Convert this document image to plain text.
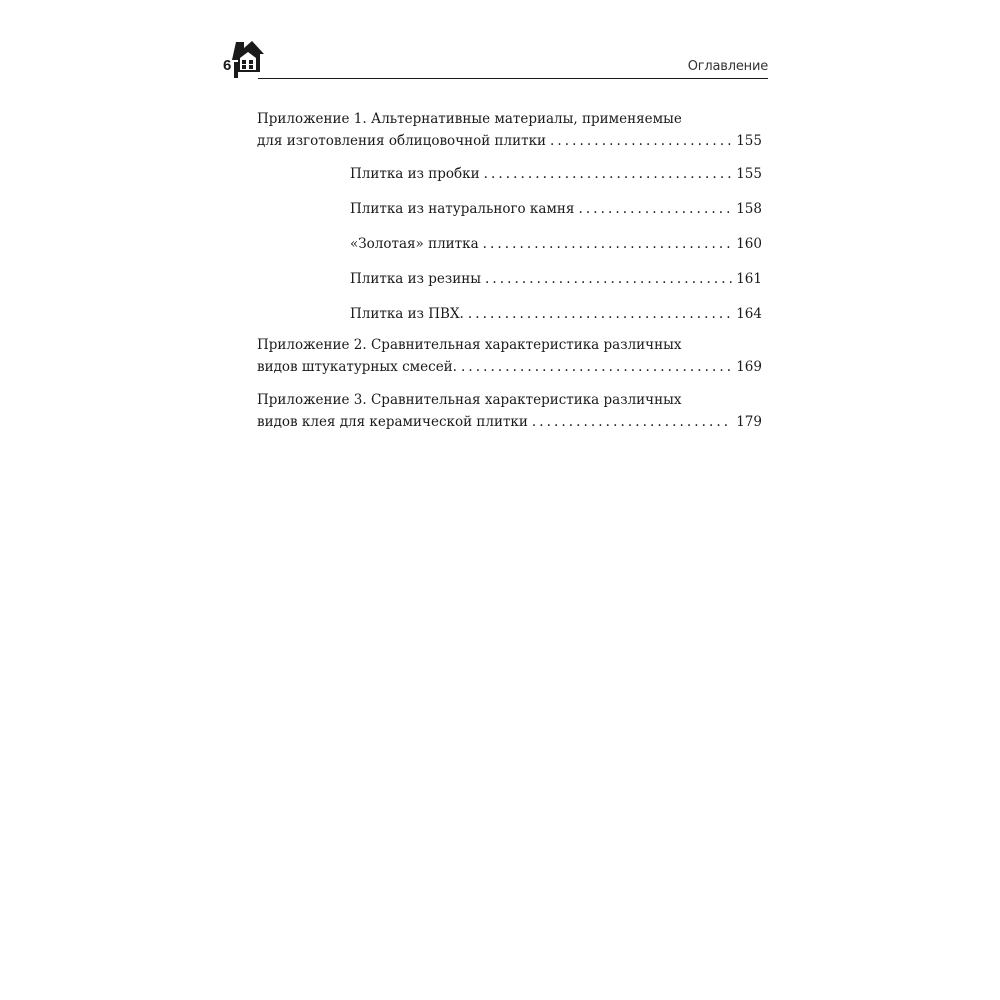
6	Оглавление
Приложение 1. Альтернативные материалы, применяемые
для изготовления облицовочной плитки . . .	155
Плитка из пробки . . .	155
Плитка из натурального камня . . .	158
«Золотая» плитка . . .	160
Плитка из резины . . .	161
Плитка из ПВХ. . . .	164
Приложение 2. Сравнительная характеристика различных
видов штукатурных смесей. . . .	169
Приложение 3. Сравнительная характеристика различных
видов клея для керамической плитки . . .	179
